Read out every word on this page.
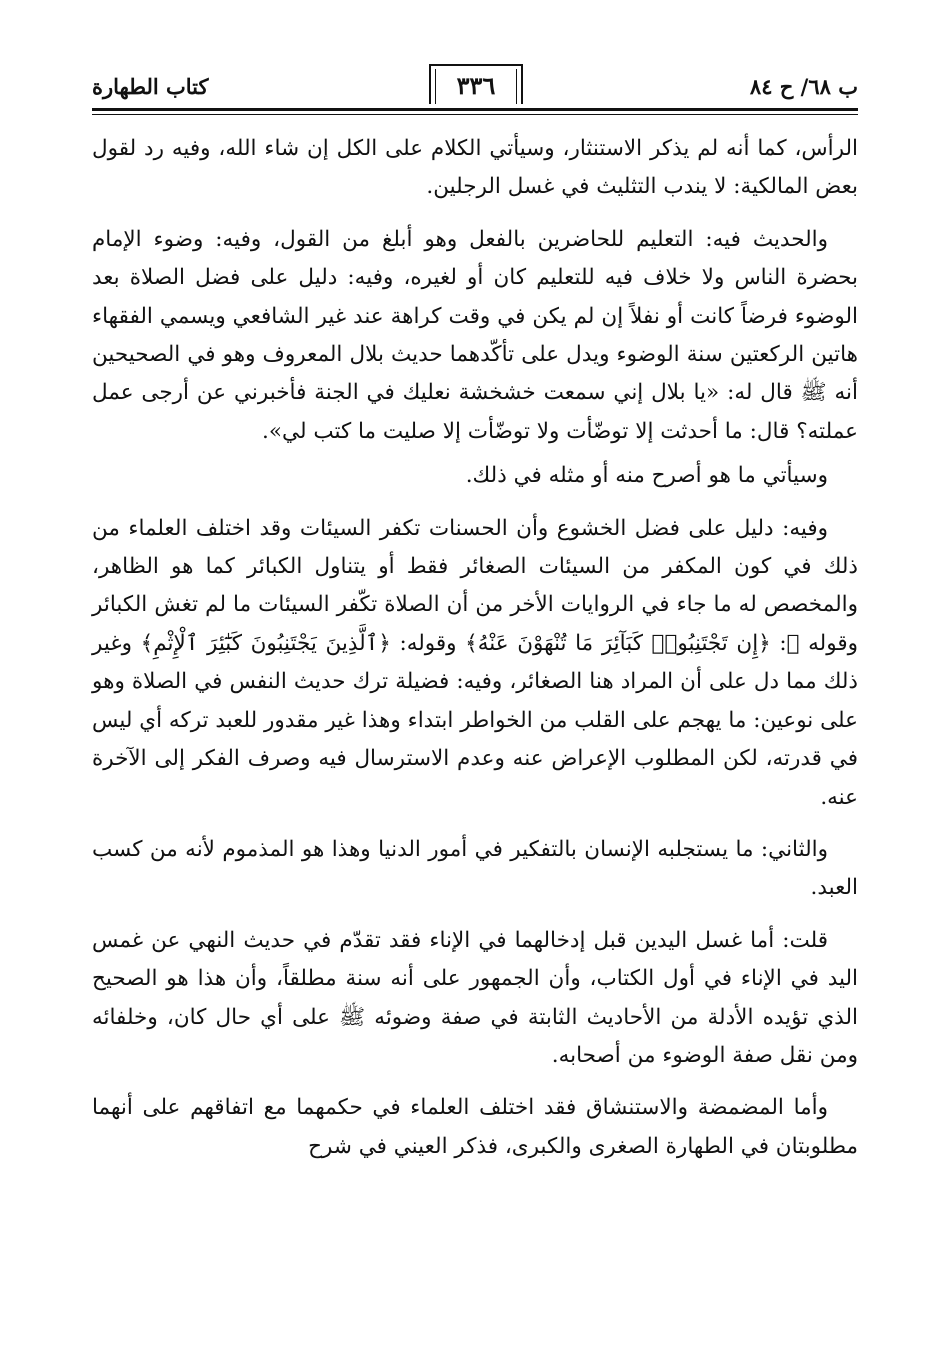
ب ٦٨/ ح ٨٤
٣٣٦
كتاب الطهارة

الرأس، كما أنه لم يذكر الاستنثار، وسيأتي الكلام على الكل إن شاء الله، وفيه رد لقول بعض المالكية: لا يندب التثليث في غسل الرجلين.

والحديث فيه: التعليم للحاضرين بالفعل وهو أبلغ من القول، وفيه: وضوء الإمام بحضرة الناس ولا خلاف فيه للتعليم كان أو لغيره، وفيه: دليل على فضل الصلاة بعد الوضوء فرضاً كانت أو نفلاً إن لم يكن في وقت كراهة عند غير الشافعي ويسمي الفقهاء هاتين الركعتين سنة الوضوء ويدل على تأكّدهما حديث بلال المعروف وهو في الصحيحين أنه ﷺ قال له: «يا بلال إني سمعت خشخشة نعليك في الجنة فأخبرني عن أرجى عمل عملته؟ قال: ما أحدثت إلا توضّأت ولا توضّأت إلا صليت ما كتب لي».

وسيأتي ما هو أصرح منه أو مثله في ذلك.

وفيه: دليل على فضل الخشوع وأن الحسنات تكفر السيئات وقد اختلف العلماء من ذلك في كون المكفر من السيئات الصغائر فقط أو يتناول الكبائر كما هو الظاهر، والمخصص له ما جاء في الروايات الأخر من أن الصلاة تكّفر السيئات ما لم تغش الكبائر وقوله ﷻ: ﴿إِن تَجْتَنِبُوا۟ كَبَآئِرَ مَا تُنْهَوْنَ عَنْهُ﴾ وقوله: ﴿ٱلَّذِينَ يَجْتَنِبُونَ كَبَٰٓئِرَ ٱلْإِثْمِ﴾ وغير ذلك مما دل على أن المراد هنا الصغائر، وفيه: فضيلة ترك حديث النفس في الصلاة وهو على نوعين: ما يهجم على القلب من الخواطر ابتداء وهذا غير مقدور للعبد تركه أي ليس في قدرته، لكن المطلوب الإعراض عنه وعدم الاسترسال فيه وصرف الفكر إلى الآخرة عنه.

والثاني: ما يستجلبه الإنسان بالتفكير في أمور الدنيا وهذا هو المذموم لأنه من كسب العبد.

قلت: أما غسل اليدين قبل إدخالهما في الإناء فقد تقدّم في حديث النهي عن غمس اليد في الإناء في أول الكتاب، وأن الجمهور على أنه سنة مطلقاً، وأن هذا هو الصحيح الذي تؤيده الأدلة من الأحاديث الثابتة في صفة وضوئه ﷺ على أي حال كان، وخلفائه ومن نقل صفة الوضوء من أصحابه.

وأما المضمضة والاستنشاق فقد اختلف العلماء في حكمهما مع اتفاقهم على أنهما مطلوبتان في الطهارة الصغرى والكبرى، فذكر العيني في شرح
